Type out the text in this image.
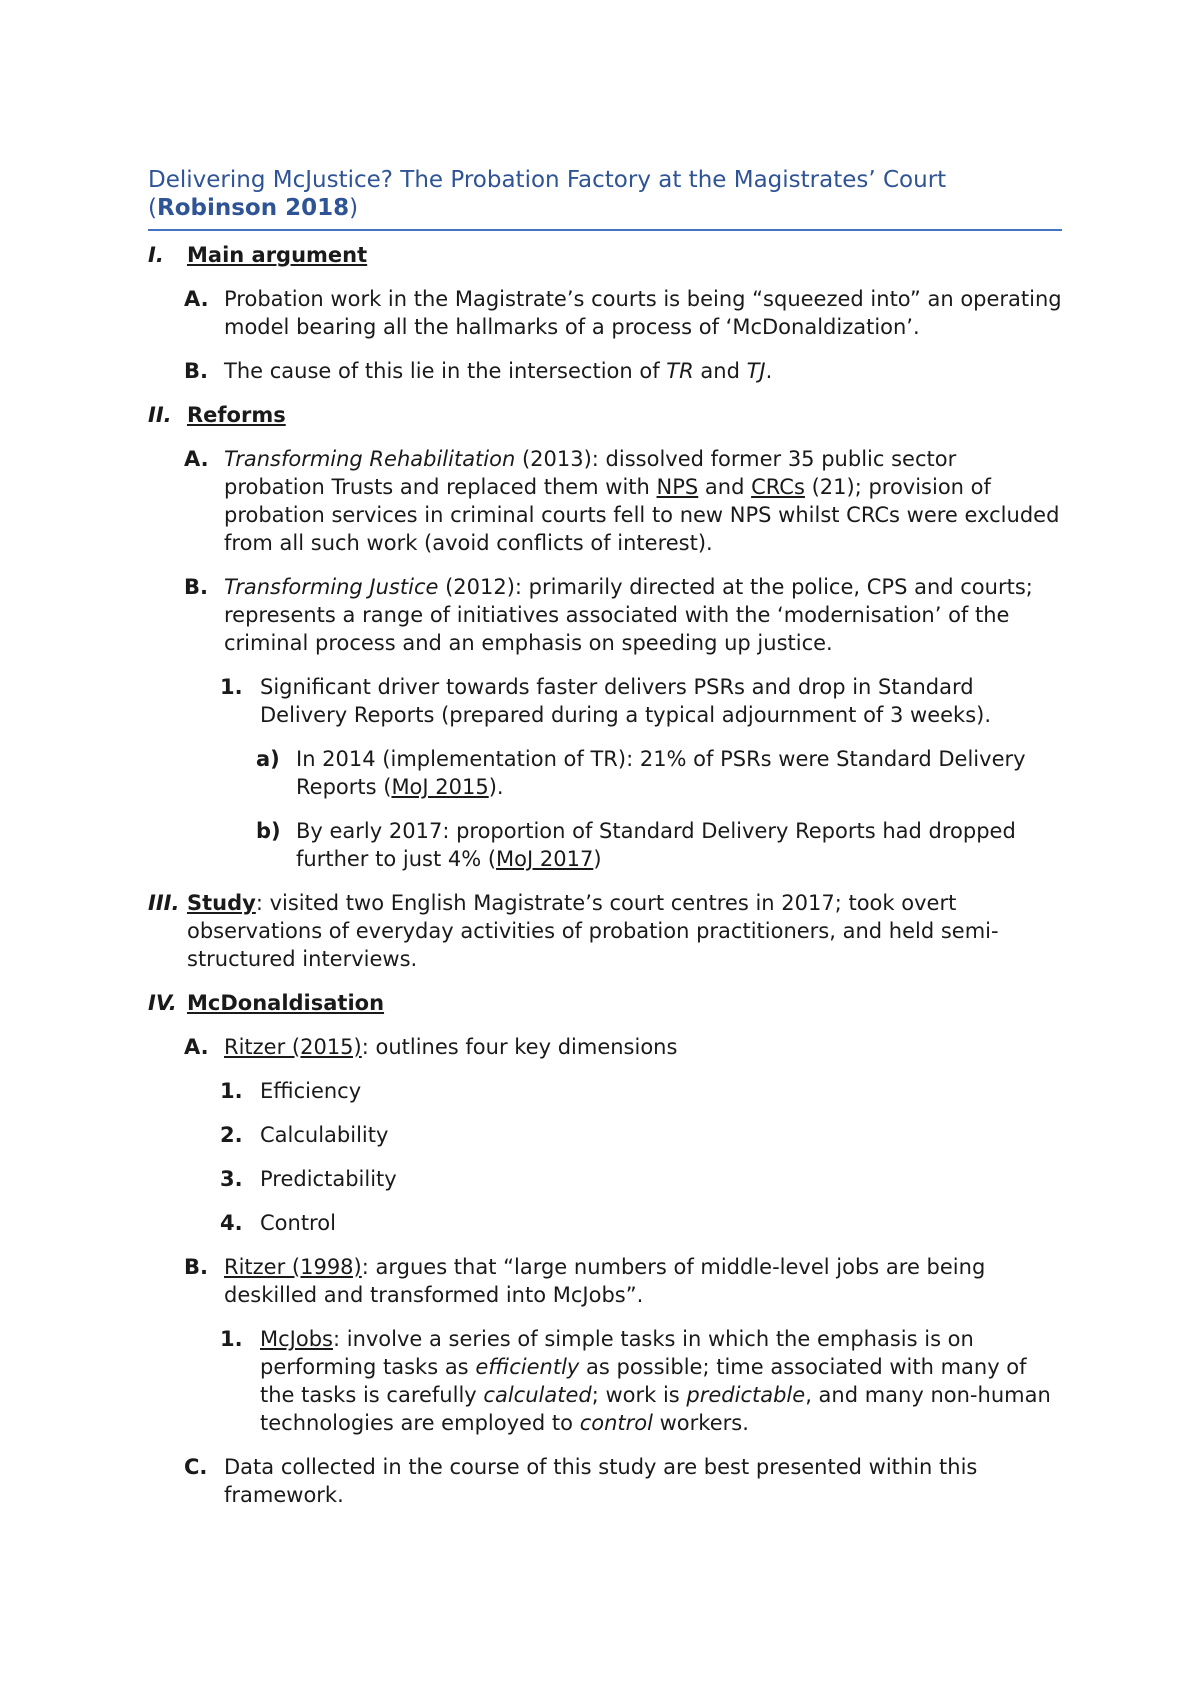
Delivering McJustice? The Probation Factory at the Magistrates’ Court
(Robinson 2018)
I.	Main argument
A. Probation work in the Magistrate’s courts is being “squeezed into” an operating model bearing all the hallmarks of a process of ‘McDonaldization’.
B. The cause of this lie in the intersection of TR and TJ.
II. Reforms
A. Transforming Rehabilitation (2013): dissolved former 35 public sector probation Trusts and replaced them with NPS and CRCs (21); provision of probation services in criminal courts fell to new NPS whilst CRCs were excluded from all such work (avoid conflicts of interest).
B. Transforming Justice (2012): primarily directed at the police, CPS and courts; represents a range of initiatives associated with the ‘modernisation’ of the criminal process and an emphasis on speeding up justice.
1. Significant driver towards faster delivers PSRs and drop in Standard Delivery Reports (prepared during a typical adjournment of 3 weeks).
a) In 2014 (implementation of TR): 21% of PSRs were Standard Delivery Reports (MoJ 2015).
b) By early 2017: proportion of Standard Delivery Reports had dropped further to just 4% (MoJ 2017)
III. Study: visited two English Magistrate’s court centres in 2017; took overt observations of everyday activities of probation practitioners, and held semi-structured interviews.
IV. McDonaldisation
A. Ritzer (2015): outlines four key dimensions
1. Efficiency
2. Calculability
3. Predictability
4. Control
B. Ritzer (1998): argues that “large numbers of middle-level jobs are being deskilled and transformed into McJobs”.
1. McJobs: involve a series of simple tasks in which the emphasis is on performing tasks as efficiently as possible; time associated with many of the tasks is carefully calculated; work is predictable, and many non-human technologies are employed to control workers.
C. Data collected in the course of this study are best presented within this framework.
